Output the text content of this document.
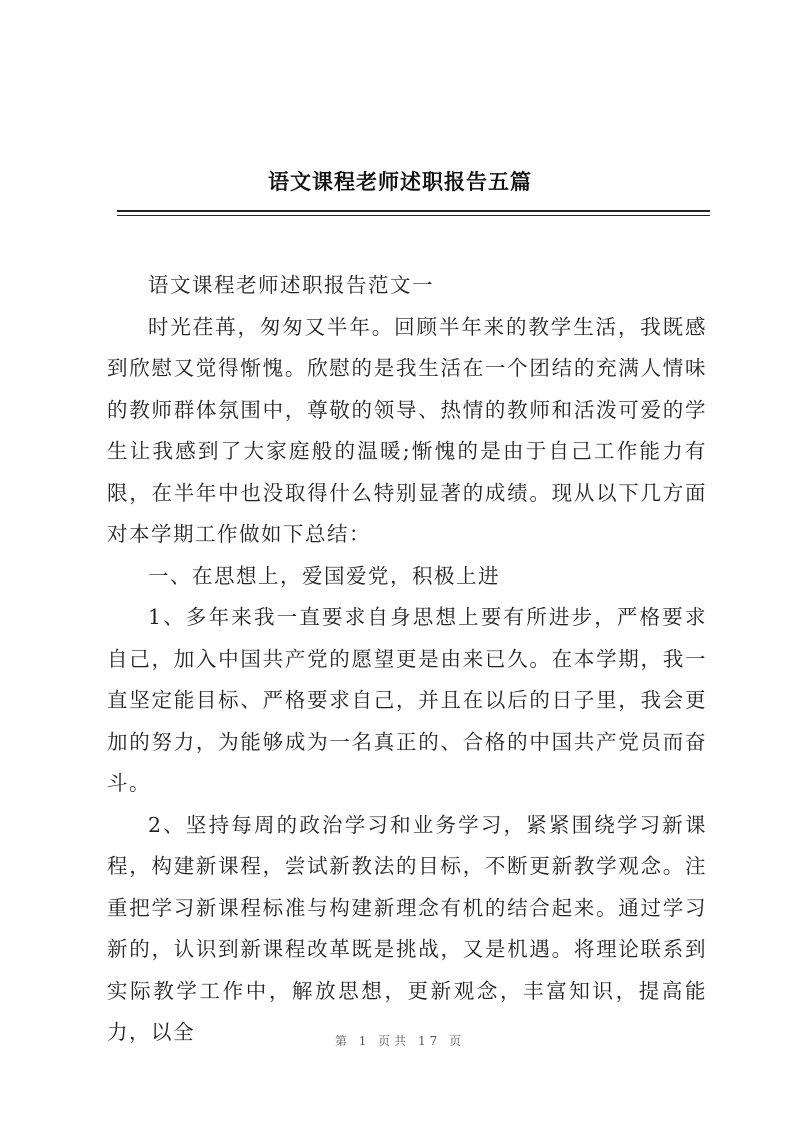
语文课程老师述职报告五篇

语文课程老师述职报告范文一

时光荏苒，匆匆又半年。回顾半年来的教学生活，我既感到欣慰又觉得惭愧。欣慰的是我生活在一个团结的充满人情味的教师群体氛围中，尊敬的领导、热情的教师和活泼可爱的学生让我感到了大家庭般的温暖;惭愧的是由于自己工作能力有限，在半年中也没取得什么特别显著的成绩。现从以下几方面对本学期工作做如下总结：

一、在思想上，爱国爱党，积极上进

1、多年来我一直要求自身思想上要有所进步，严格要求自己，加入中国共产党的愿望更是由来已久。在本学期，我一直坚定能目标、严格要求自己，并且在以后的日子里，我会更加的努力，为能够成为一名真正的、合格的中国共产党员而奋斗。

2、坚持每周的政治学习和业务学习，紧紧围绕学习新课程，构建新课程，尝试新教法的目标，不断更新教学观念。注重把学习新课程标准与构建新理念有机的结合起来。通过学习新的，认识到新课程改革既是挑战，又是机遇。将理论联系到实际教学工作中，解放思想，更新观念，丰富知识，提高能力，以全	第 1 页共 17 页
